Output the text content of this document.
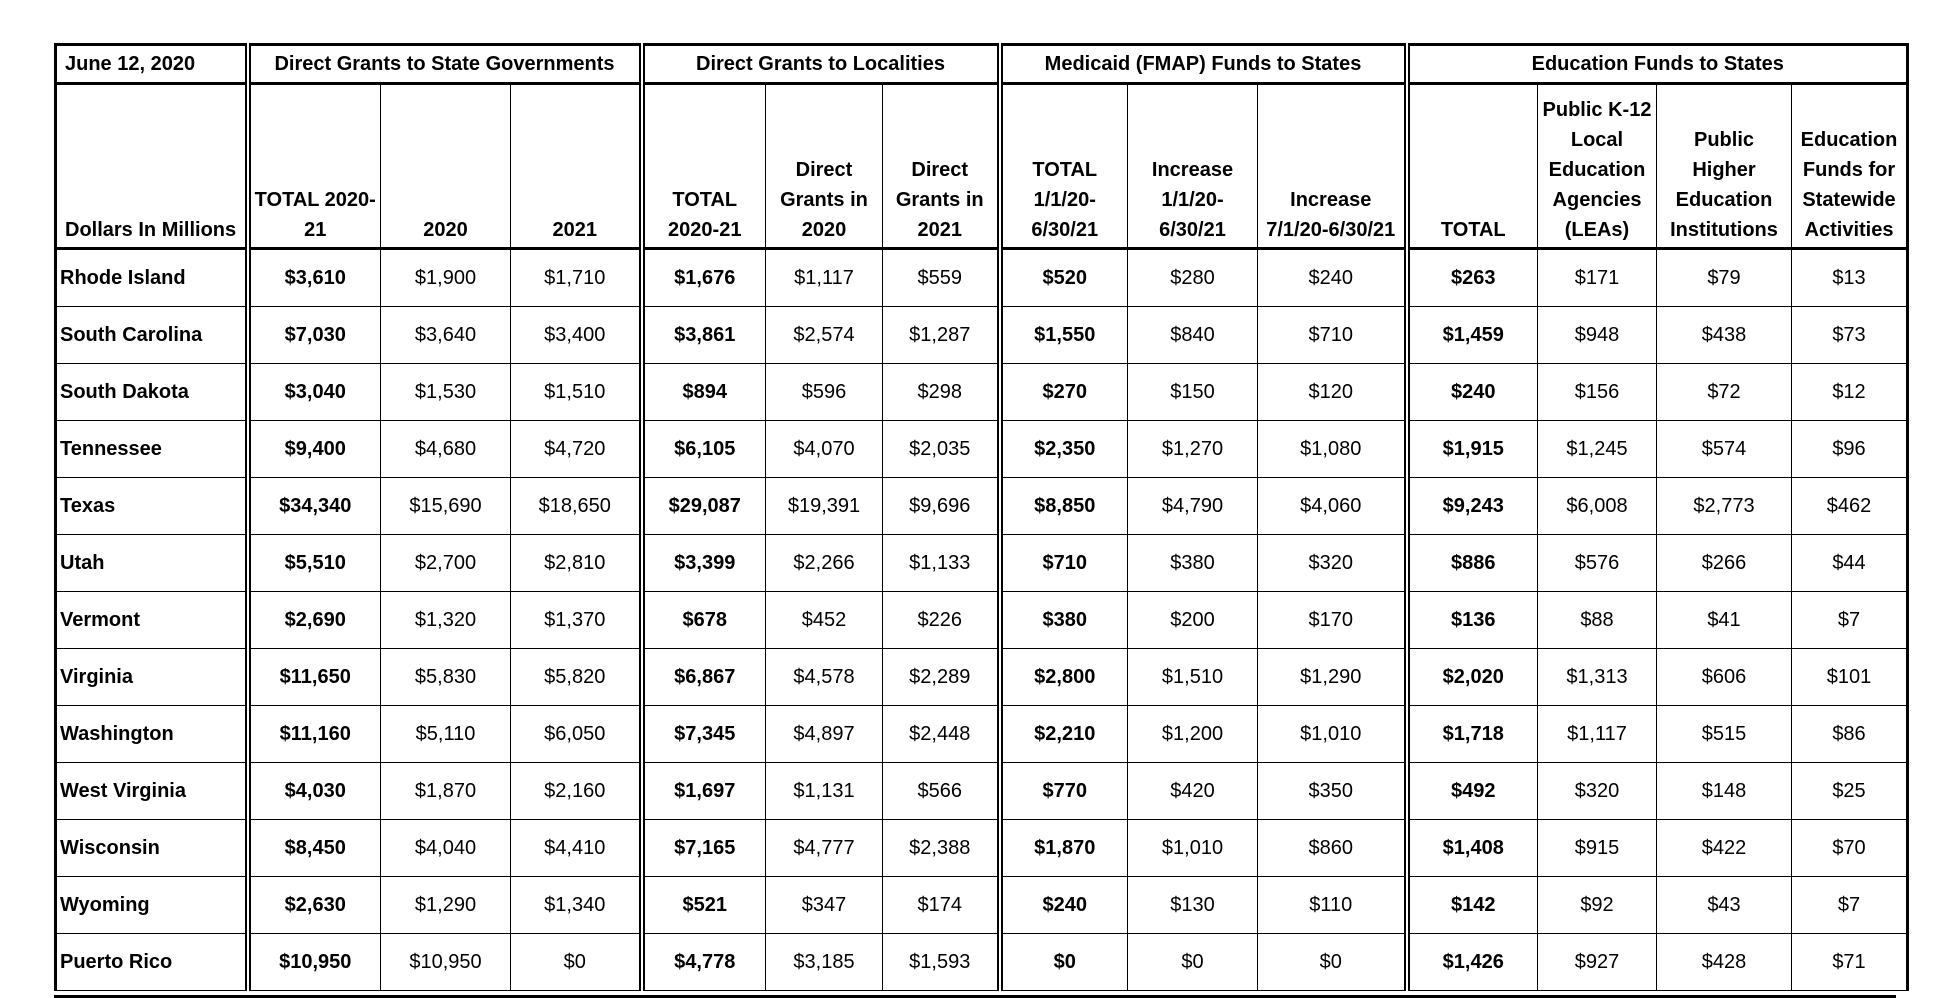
June 12, 2020	Direct Grants to State Governments			Direct Grants to Localities			Medicaid (FMAP) Funds to States			Education Funds to States			
Dollars In Millions	TOTAL 2020-21	2020	2021	TOTAL 2020-21	Direct Grants in 2020	Direct Grants in 2021	TOTAL 1/1/20-6/30/21	Increase 1/1/20-6/30/21	Increase 7/1/20-6/30/21	TOTAL	Public K-12 Local Education Agencies (LEAs)	Public Higher Education Institutions	Education Funds for Statewide Activities
Rhode Island	$3,610	$1,900	$1,710	$1,676	$1,117	$559	$520	$280	$240	$263	$171	$79	$13
South Carolina	$7,030	$3,640	$3,400	$3,861	$2,574	$1,287	$1,550	$840	$710	$1,459	$948	$438	$73
South Dakota	$3,040	$1,530	$1,510	$894	$596	$298	$270	$150	$120	$240	$156	$72	$12
Tennessee	$9,400	$4,680	$4,720	$6,105	$4,070	$2,035	$2,350	$1,270	$1,080	$1,915	$1,245	$574	$96
Texas	$34,340	$15,690	$18,650	$29,087	$19,391	$9,696	$8,850	$4,790	$4,060	$9,243	$6,008	$2,773	$462
Utah	$5,510	$2,700	$2,810	$3,399	$2,266	$1,133	$710	$380	$320	$886	$576	$266	$44
Vermont	$2,690	$1,320	$1,370	$678	$452	$226	$380	$200	$170	$136	$88	$41	$7
Virginia	$11,650	$5,830	$5,820	$6,867	$4,578	$2,289	$2,800	$1,510	$1,290	$2,020	$1,313	$606	$101
Washington	$11,160	$5,110	$6,050	$7,345	$4,897	$2,448	$2,210	$1,200	$1,010	$1,718	$1,117	$515	$86
West Virginia	$4,030	$1,870	$2,160	$1,697	$1,131	$566	$770	$420	$350	$492	$320	$148	$25
Wisconsin	$8,450	$4,040	$4,410	$7,165	$4,777	$2,388	$1,870	$1,010	$860	$1,408	$915	$422	$70
Wyoming	$2,630	$1,290	$1,340	$521	$347	$174	$240	$130	$110	$142	$92	$43	$7
Puerto Rico	$10,950	$10,950	$0	$4,778	$3,185	$1,593	$0	$0	$0	$1,426	$927	$428	$71
